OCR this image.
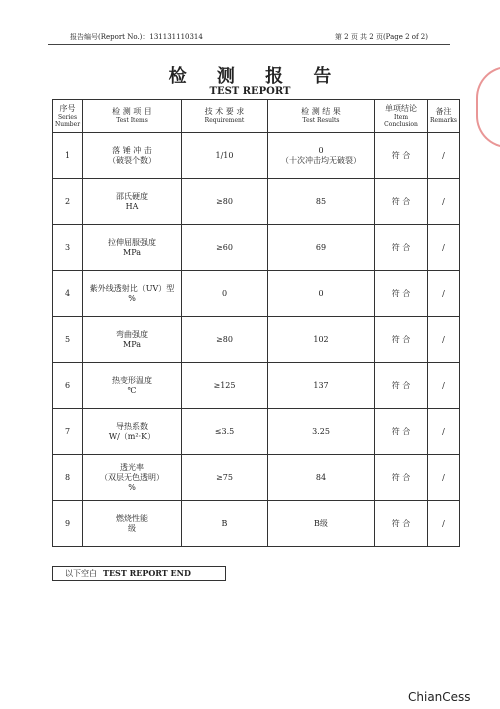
报告编号(Report No.)：131131110314	第 2 页 共 2 页(Page 2 of 2)
检 测 报 告
TEST REPORT
序号
Series
Number	检 测 项 目
Test Items	技 术 要 求
Requirement	检 测 结 果
Test Results	单项结论
Item Conclusion	备注
Remarks

1	落 锤 冲 击
（破裂个数）	1/10	0
（十次冲击均无破裂）	符 合	/
2	邵氏硬度
HA	≥80	85	符 合	/
3	拉伸屈服强度
MPa	≥60	69	符 合	/
4	紫外线透射比（UV）型
%	0	0	符 合	/
5	弯曲强度
MPa	≥80	102	符 合	/
6	热变形温度
℃	≥125	137	符 合	/
7	导热系数
W/（m²·K）	≤3.5	3.25	符 合	/
8	透光率
（双层无色透明）
%	≥75	84	符 合	/
9	燃烧性能
级	B	B级	符 合	/
以下空白 TEST REPORT END
ChianCess
